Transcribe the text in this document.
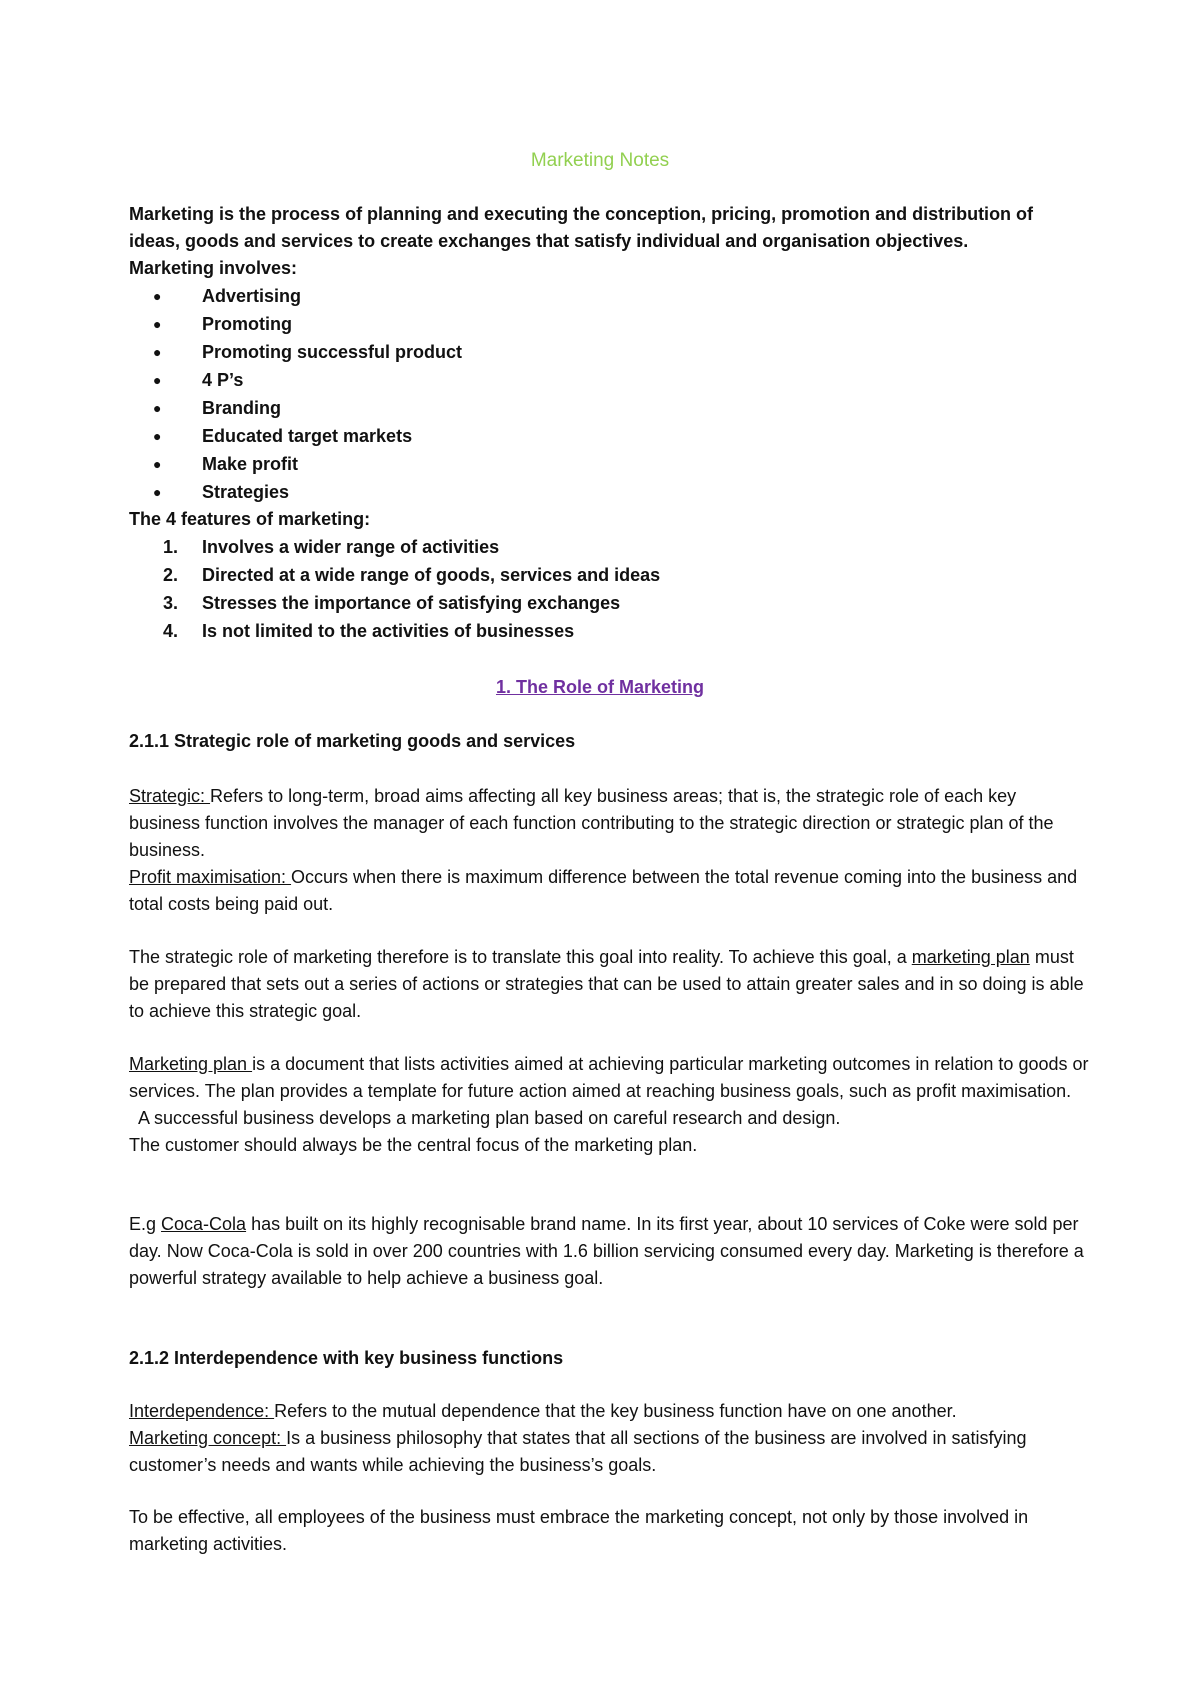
Marketing Notes

Marketing is the process of planning and executing the conception, pricing, promotion and distribution of ideas, goods and services to create exchanges that satisfy individual and organisation objectives.

Marketing involves:

● Advertising
● Promoting
● Promoting successful product
● 4 P’s
● Branding
● Educated target markets
● Make profit
● Strategies

The 4 features of marketing:

1. Involves a wider range of activities
2. Directed at a wide range of goods, services and ideas
3. Stresses the importance of satisfying exchanges
4. Is not limited to the activities of businesses
1. The Role of Marketing
2.1.1 Strategic role of marketing goods and services

Strategic: Refers to long-term, broad aims affecting all key business areas; that is, the strategic role of each key business function involves the manager of each function contributing to the strategic direction or strategic plan of the business.

Profit maximisation: Occurs when there is maximum difference between the total revenue coming into the business and total costs being paid out.

The strategic role of marketing therefore is to translate this goal into reality. To achieve this goal, a marketing plan must be prepared that sets out a series of actions or strategies that can be used to attain greater sales and in so doing is able to achieve this strategic goal.

Marketing plan is a document that lists activities aimed at achieving particular marketing outcomes in relation to goods or services. The plan provides a template for future action aimed at reaching business goals, such as profit maximisation.

A successful business develops a marketing plan based on careful research and design.

The customer should always be the central focus of the marketing plan.

E.g Coca-Cola has built on its highly recognisable brand name. In its first year, about 10 services of Coke were sold per day. Now Coca-Cola is sold in over 200 countries with 1.6 billion servicing consumed every day. Marketing is therefore a powerful strategy available to help achieve a business goal.

2.1.2 Interdependence with key business functions

Interdependence: Refers to the mutual dependence that the key business function have on one another.

Marketing concept: Is a business philosophy that states that all sections of the business are involved in satisfying customer’s needs and wants while achieving the business’s goals.

To be effective, all employees of the business must embrace the marketing concept, not only by those involved in marketing activities.
